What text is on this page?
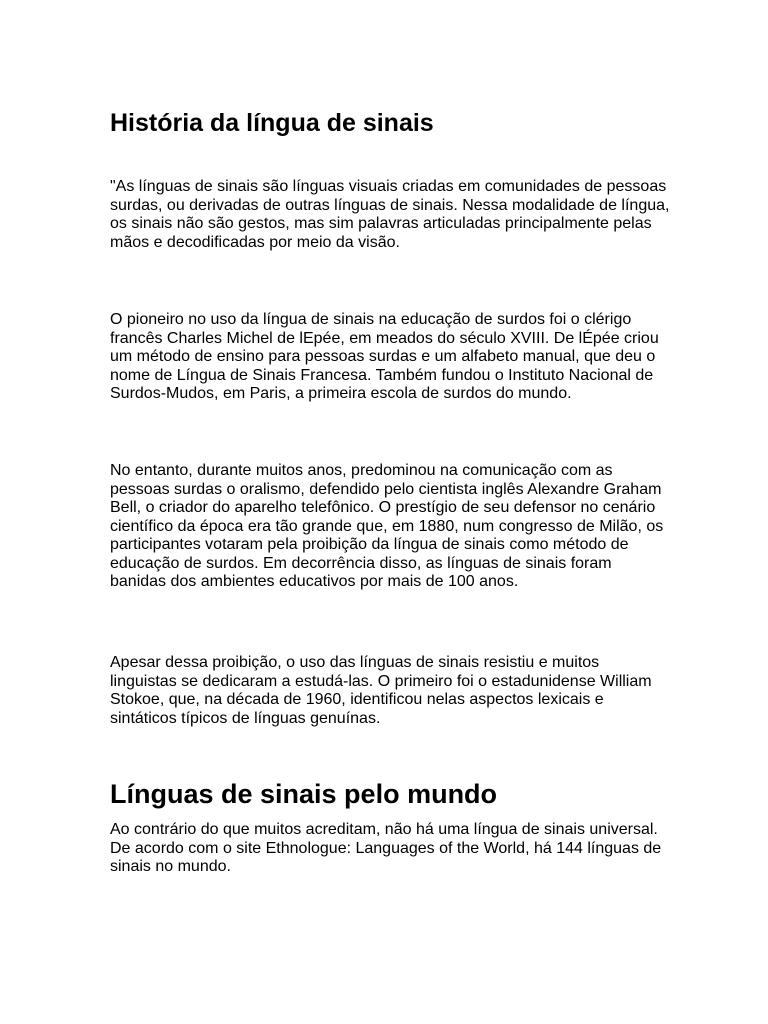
História da língua de sinais

"As línguas de sinais são línguas visuais criadas em comunidades de pessoas surdas, ou derivadas de outras línguas de sinais. Nessa modalidade de língua, os sinais não são gestos, mas sim palavras articuladas principalmente pelas mãos e decodificadas por meio da visão.

O pioneiro no uso da língua de sinais na educação de surdos foi o clérigo francês Charles Michel de lEpée, em meados do século XVIII. De lÉpée criou um método de ensino para pessoas surdas e um alfabeto manual, que deu o nome de Língua de Sinais Francesa. Também fundou o Instituto Nacional de Surdos-Mudos, em Paris, a primeira escola de surdos do mundo.

No entanto, durante muitos anos, predominou na comunicação com as pessoas surdas o oralismo, defendido pelo cientista inglês Alexandre Graham Bell, o criador do aparelho telefônico. O prestígio de seu defensor no cenário científico da época era tão grande que, em 1880, num congresso de Milão, os participantes votaram pela proibição da língua de sinais como método de educação de surdos. Em decorrência disso, as línguas de sinais foram banidas dos ambientes educativos por mais de 100 anos.

Apesar dessa proibição, o uso das línguas de sinais resistiu e muitos linguistas se dedicaram a estudá-las. O primeiro foi o estadunidense William Stokoe, que, na década de 1960, identificou nelas aspectos lexicais e sintáticos típicos de línguas genuínas.

Línguas de sinais pelo mundo

Ao contrário do que muitos acreditam, não há uma língua de sinais universal. De acordo com o site Ethnologue: Languages of the World, há 144 línguas de sinais no mundo.
